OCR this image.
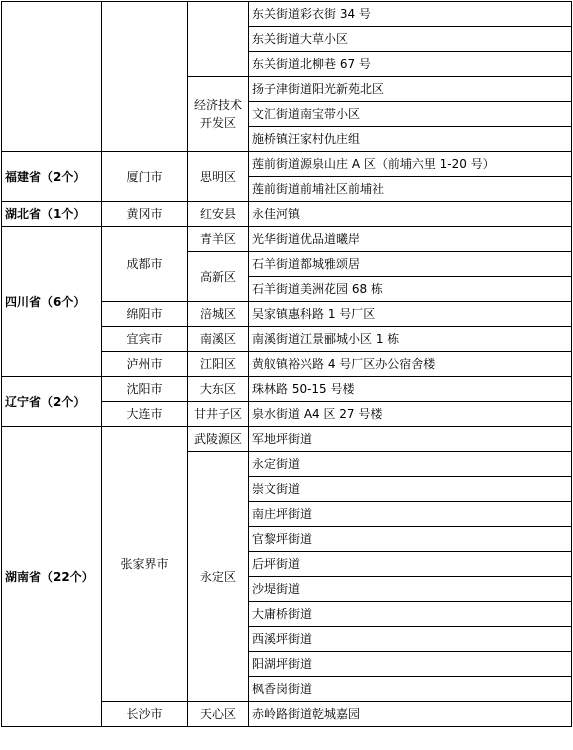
			东关街道彩衣街 34 号
			东关街道大草小区
			东关街道北柳巷 67 号
		经济技术开发区	扬子津街道阳光新苑北区
			文汇街道南宝带小区
			施桥镇汪家村仇庄组
福建省（2个）	厦门市	思明区	莲前街道源泉山庄 A 区（前埔六里 1-20 号）
			莲前街道前埔社区前埔社
湖北省（1个）	黄冈市	红安县	永佳河镇
四川省（6个）	成都市	青羊区	光华街道优品道曦岸
		高新区	石羊街道都城雅颂居
			石羊街道美洲花园 68 栋
	绵阳市	涪城区	吴家镇惠科路 1 号厂区
	宜宾市	南溪区	南溪街道江景郦城小区 1 栋
	泸州市	江阳区	黄舣镇裕兴路 4 号厂区办公宿舍楼
辽宁省（2个）	沈阳市	大东区	珠林路 50-15 号楼
	大连市	甘井子区	泉水街道 A4 区 27 号楼
湖南省（22个）	张家界市	武陵源区	军地坪街道
		永定区	永定街道
			崇文街道
			南庄坪街道
			官黎坪街道
			后坪街道
			沙堤街道
			大庸桥街道
			西溪坪街道
			阳湖坪街道
			枫香岗街道
	长沙市	天心区	赤岭路街道乾城嘉园
